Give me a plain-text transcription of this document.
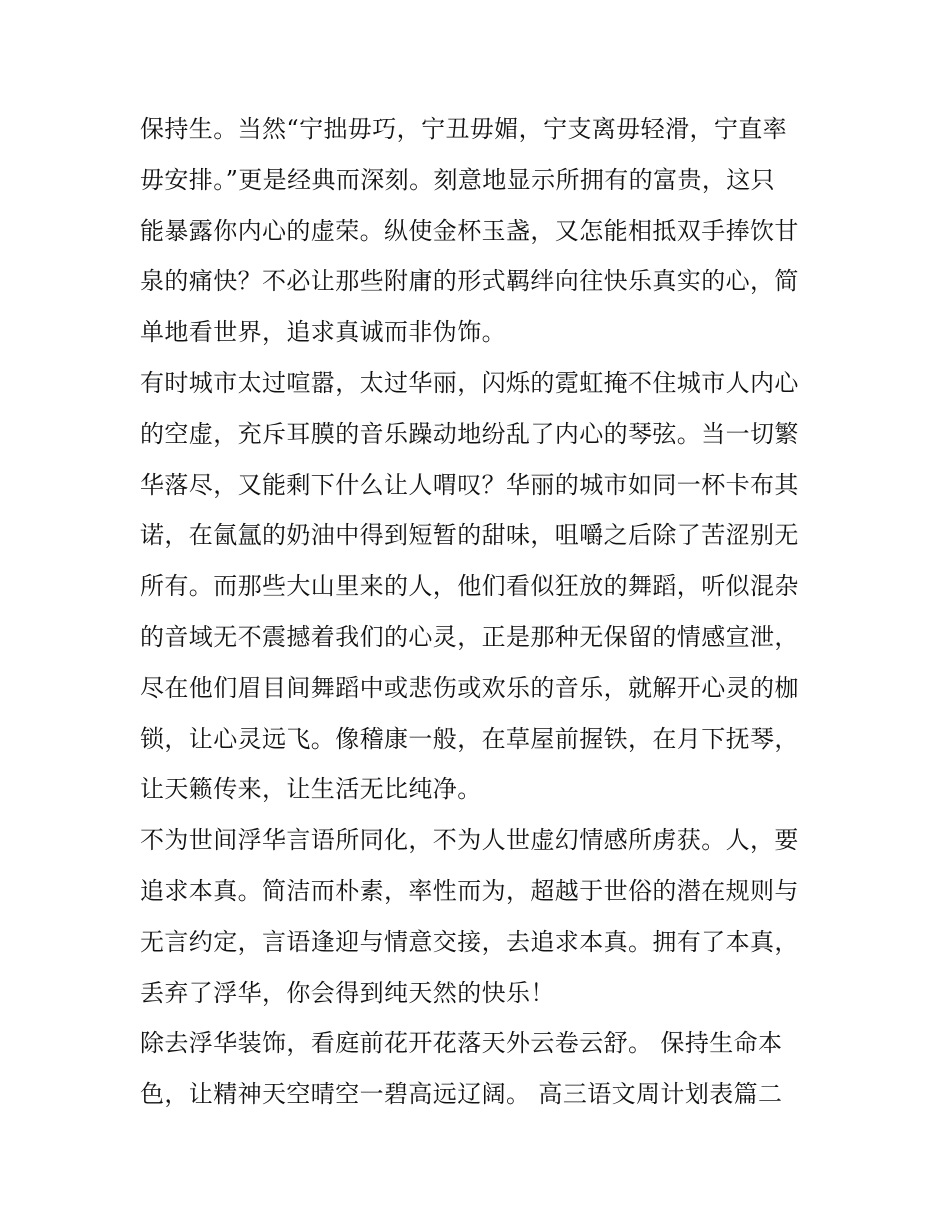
保持生。当然“宁拙毋巧，宁丑毋媚，宁支离毋轻滑，宁直率
毋安排。”更是经典而深刻。刻意地显示所拥有的富贵，这只
能暴露你内心的虚荣。纵使金杯玉盏，又怎能相抵双手捧饮甘
泉的痛快？不必让那些附庸的形式羁绊向往快乐真实的心，简
单地看世界，追求真诚而非伪饰。
有时城市太过喧嚣，太过华丽，闪烁的霓虹掩不住城市人内心
的空虚，充斥耳膜的音乐躁动地纷乱了内心的琴弦。当一切繁
华落尽，又能剩下什么让人喟叹？华丽的城市如同一杯卡布其
诺，在氤氲的奶油中得到短暂的甜味，咀嚼之后除了苦涩别无
所有。而那些大山里来的人，他们看似狂放的舞蹈，听似混杂
的音域无不震撼着我们的心灵，正是那种无保留的情感宣泄，
尽在他们眉目间舞蹈中或悲伤或欢乐的音乐，就解开心灵的枷
锁，让心灵远飞。像稽康一般，在草屋前握铁，在月下抚琴，
让天籁传来，让生活无比纯净。
不为世间浮华言语所同化，不为人世虚幻情感所虏获。人，要
追求本真。简洁而朴素，率性而为，超越于世俗的潜在规则与
无言约定，言语逢迎与情意交接，去追求本真。拥有了本真，
丢弃了浮华，你会得到纯天然的快乐！
除去浮华装饰，看庭前花开花落天外云卷云舒。 保持生命本
色，让精神天空晴空一碧高远辽阔。 高三语文周计划表篇二
